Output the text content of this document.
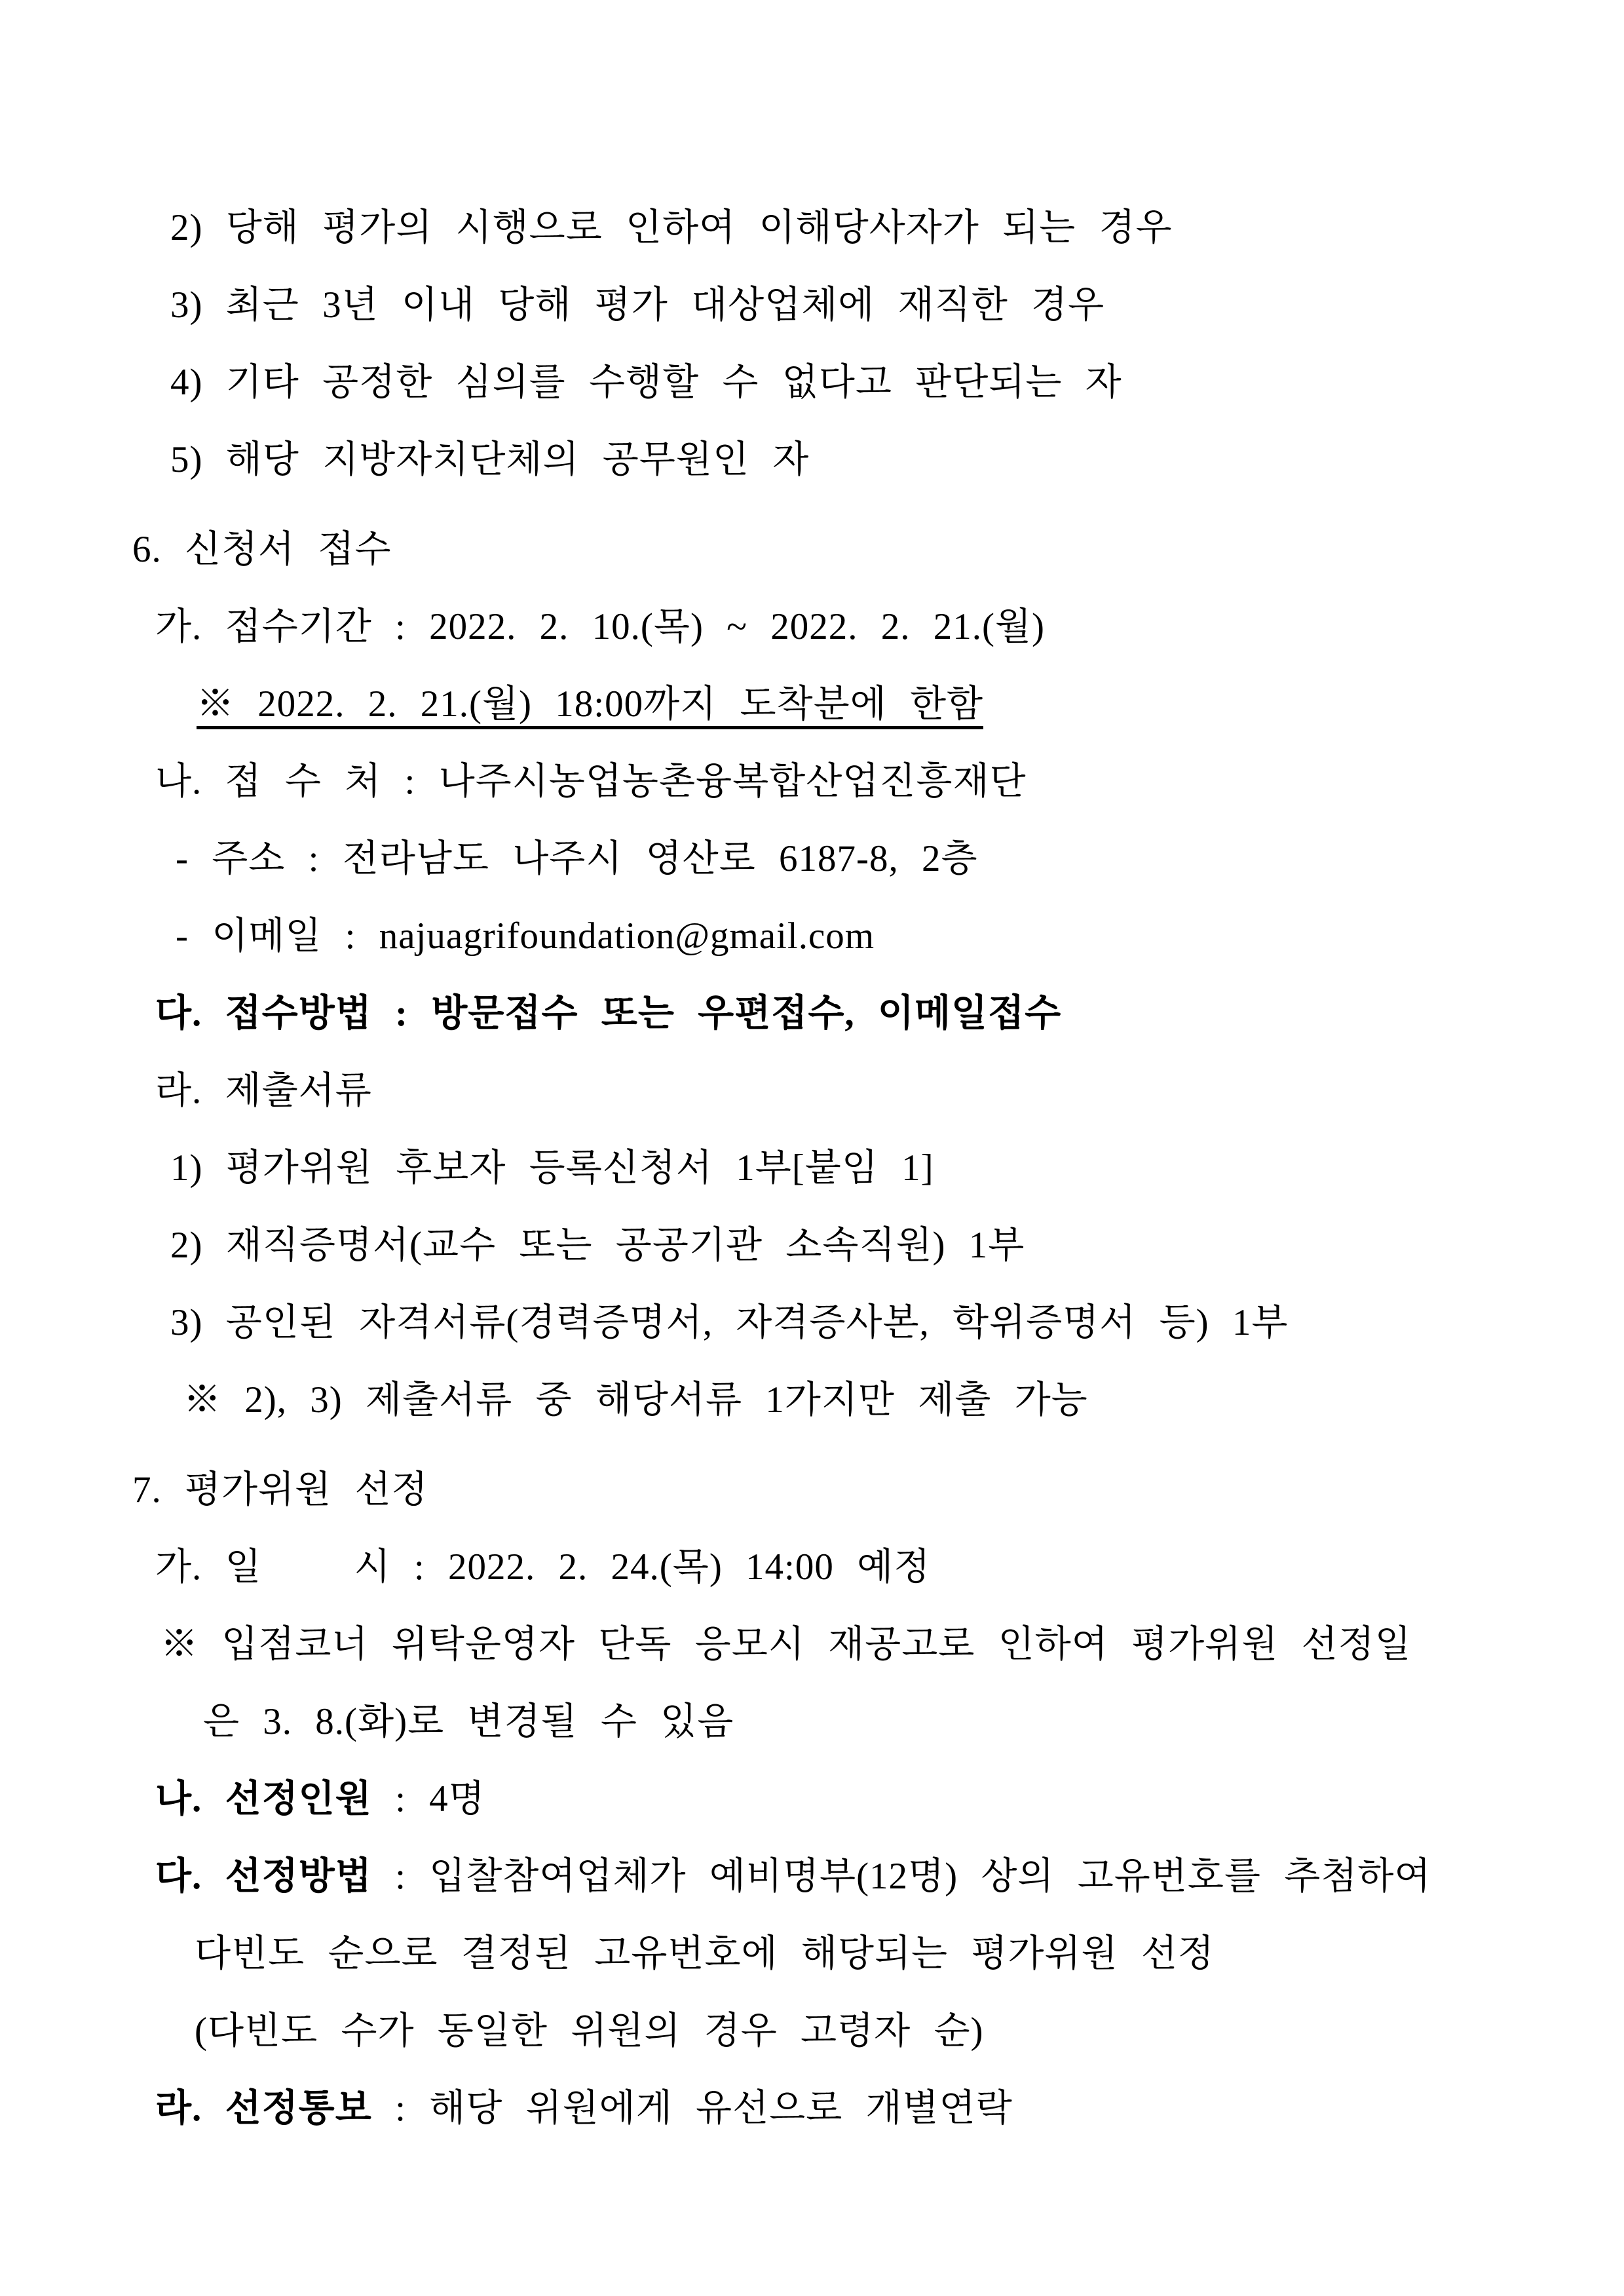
2) 당해 평가의 시행으로 인하여 이해당사자가 되는 경우
3) 최근 3년 이내 당해 평가 대상업체에 재직한 경우
4) 기타 공정한 심의를 수행할 수 없다고 판단되는 자
5) 해당 지방자치단체의 공무원인 자
6. 신청서 접수
가. 접수기간 : 2022. 2. 10.(목) ~ 2022. 2. 21.(월)
※ 2022. 2. 21.(월) 18:00까지 도착분에 한함
나. 접 수 처 : 나주시농업농촌융복합산업진흥재단
- 주소 : 전라남도 나주시 영산로 6187-8, 2층
- 이메일 : najuagrifoundation@gmail.com
다. 접수방법 : 방문접수 또는 우편접수, 이메일접수
라. 제출서류
1) 평가위원 후보자 등록신청서 1부[붙임 1]
2) 재직증명서(교수 또는 공공기관 소속직원) 1부
3) 공인된 자격서류(경력증명서, 자격증사본, 학위증명서 등) 1부
※ 2), 3) 제출서류 중 해당서류 1가지만 제출 가능
7. 평가위원 선정
가. 일    시 : 2022. 2. 24.(목) 14:00 예정
※ 입점코너 위탁운영자 단독 응모시 재공고로 인하여 평가위원 선정일
은 3. 8.(화)로 변경될 수 있음
나. 선정인원 : 4명
다. 선정방법 : 입찰참여업체가 예비명부(12명) 상의 고유번호를 추첨하여
다빈도 순으로 결정된 고유번호에 해당되는 평가위원 선정
(다빈도 수가 동일한 위원의 경우 고령자 순)
라. 선정통보 : 해당 위원에게 유선으로 개별연락
